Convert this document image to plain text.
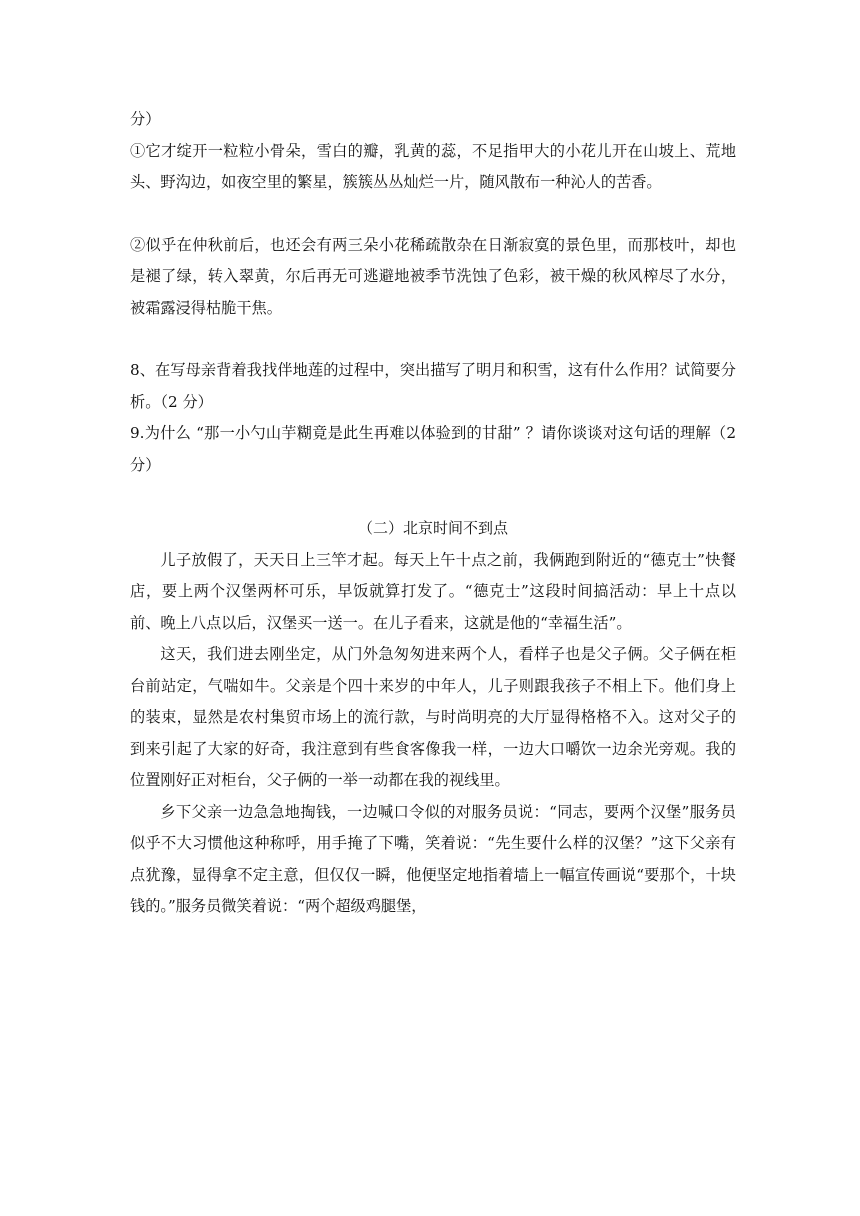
分）

①它才绽开一粒粒小骨朵，雪白的瓣，乳黄的蕊，不足指甲大的小花儿开在山坡上、荒地头、野沟边，如夜空里的繁星，簇簇丛丛灿烂一片，随风散布一种沁人的苦香。

②似乎在仲秋前后，也还会有两三朵小花稀疏散杂在日渐寂寞的景色里，而那枝叶，却也是褪了绿，转入翠黄，尔后再无可逃避地被季节洗蚀了色彩，被干燥的秋风榨尽了水分，被霜露浸得枯脆干焦。

8、在写母亲背着我找伴地莲的过程中，突出描写了明月和积雪，这有什么作用？试简要分析。（2 分）

9.为什么 “那一小勺山芋糊竟是此生再难以体验到的甘甜” ？请你谈谈对这句话的理解（2 分）

（二）北京时间不到点

儿子放假了，天天日上三竿才起。每天上午十点之前，我俩跑到附近的“德克士”快餐店，要上两个汉堡两杯可乐，早饭就算打发了。“德克士”这段时间搞活动：早上十点以前、晚上八点以后，汉堡买一送一。在儿子看来，这就是他的“幸福生活”。

这天，我们进去刚坐定，从门外急匆匆进来两个人，看样子也是父子俩。父子俩在柜台前站定，气喘如牛。父亲是个四十来岁的中年人，儿子则跟我孩子不相上下。他们身上的装束，显然是农村集贸市场上的流行款，与时尚明亮的大厅显得格格不入。这对父子的到来引起了大家的好奇，我注意到有些食客像我一样，一边大口嚼饮一边余光旁观。我的位置刚好正对柜台，父子俩的一举一动都在我的视线里。

乡下父亲一边急急地掏钱，一边喊口令似的对服务员说：“同志，要两个汉堡”服务员似乎不大习惯他这种称呼，用手掩了下嘴，笑着说：“先生要什么样的汉堡？”这下父亲有点犹豫，显得拿不定主意，但仅仅一瞬，他便坚定地指着墙上一幅宣传画说“要那个，十块钱的。”服务员微笑着说：“两个超级鸡腿堡，
